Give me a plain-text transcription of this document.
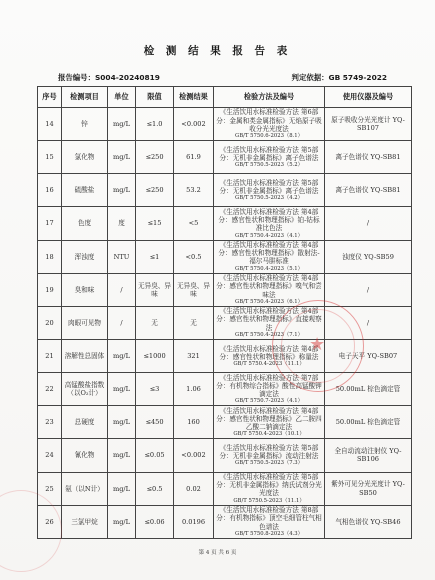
检 测 结 果 报 告 表
报告编号：S004-20240819	判定依据：GB 5749-2022
序号	检测项目	单位	限值	检测结果	检验方法及编号	使用仪器及编号
14	锌	mg/L	≤1.0	<0.002	《生活饮用水标准检验方法 第6部分：金属和类金属指标》无焰原子吸收分光光度法
GB/T 5750.6-2023（8.1）	原子吸收分光光度计 YQ-SB107
15	氯化物	mg/L	≤250	61.9	《生活饮用水标准检验方法 第5部分：无机非金属指标》离子色谱法
GB/T 5750.5-2023（5.2）	离子色谱仪 YQ-SB81
16	硫酸盐	mg/L	≤250	53.2	《生活饮用水标准检验方法 第5部分：无机非金属指标》离子色谱法
GB/T 5750.5-2023（4.2）	离子色谱仪 YQ-SB81
17	色度	度	≤15	<5	《生活饮用水标准检验方法 第4部分：感官性状和物理指标》铂-钴标准比色法
GB/T 5750.4-2023（4.1）	/
18	浑浊度	NTU	≤1	<0.5	《生活饮用水标准检验方法 第4部分：感官性状和物理指标》散射法-福尔马肼标准
GB/T 5750.4-2023（5.1）	浊度仪 YQ-SB59
19	臭和味	/	无异臭、异味	无异臭、异味	《生活饮用水标准检验方法 第4部分：感官性状和物理指标》嗅气和尝味法
GB/T 5750.4-2023（6.1）	/
20	肉眼可见物	/	无	无	《生活饮用水标准检验方法 第4部分：感官性状和物理指标》直接观察法
GB/T 5750.4-2023（7.1）	/
21	溶解性总固体	mg/L	≤1000	321	《生活饮用水标准检验方法 第4部分：感官性状和物理指标》称量法
GB/T 5750.4-2023（11.1）	电子天平 YQ-SB07
22	高锰酸盐指数（以O₂计）	mg/L	≤3	1.06	《生活饮用水标准检验方法 第7部分：有机物综合指标》酸性高锰酸钾滴定法
GB/T 5750.7-2023（4.1）	50.00mL 棕色滴定管
23	总硬度	mg/L	≤450	160	《生活饮用水标准检验方法 第4部分：感官性状和物理指标》乙二胺四乙酸二钠滴定法
GB/T 5750.4-2023（10.1）	50.00mL 棕色滴定管
24	氰化物	mg/L	≤0.05	<0.002	《生活饮用水标准检验方法 第5部分：无机非金属指标》流动注射法
GB/T 5750.5-2023（7.3）	全自动流动注射仪 YQ-SB106
25	氨（以N计）	mg/L	≤0.5	0.02	《生活饮用水标准检验方法 第5部分：无机非金属指标》纳氏试剂分光光度法
GB/T 5750.5-2023（11.1）	紫外可见分光光度计 YQ-SB50
26	三氯甲烷	mg/L	≤0.06	0.0196	《生活饮用水标准检验方法 第8部分：有机物指标》顶空毛细管柱气相色谱法
GB/T 5750.8-2023（4.3）	气相色谱仪 YQ-SB46
★
第 4 页 共 6 页
